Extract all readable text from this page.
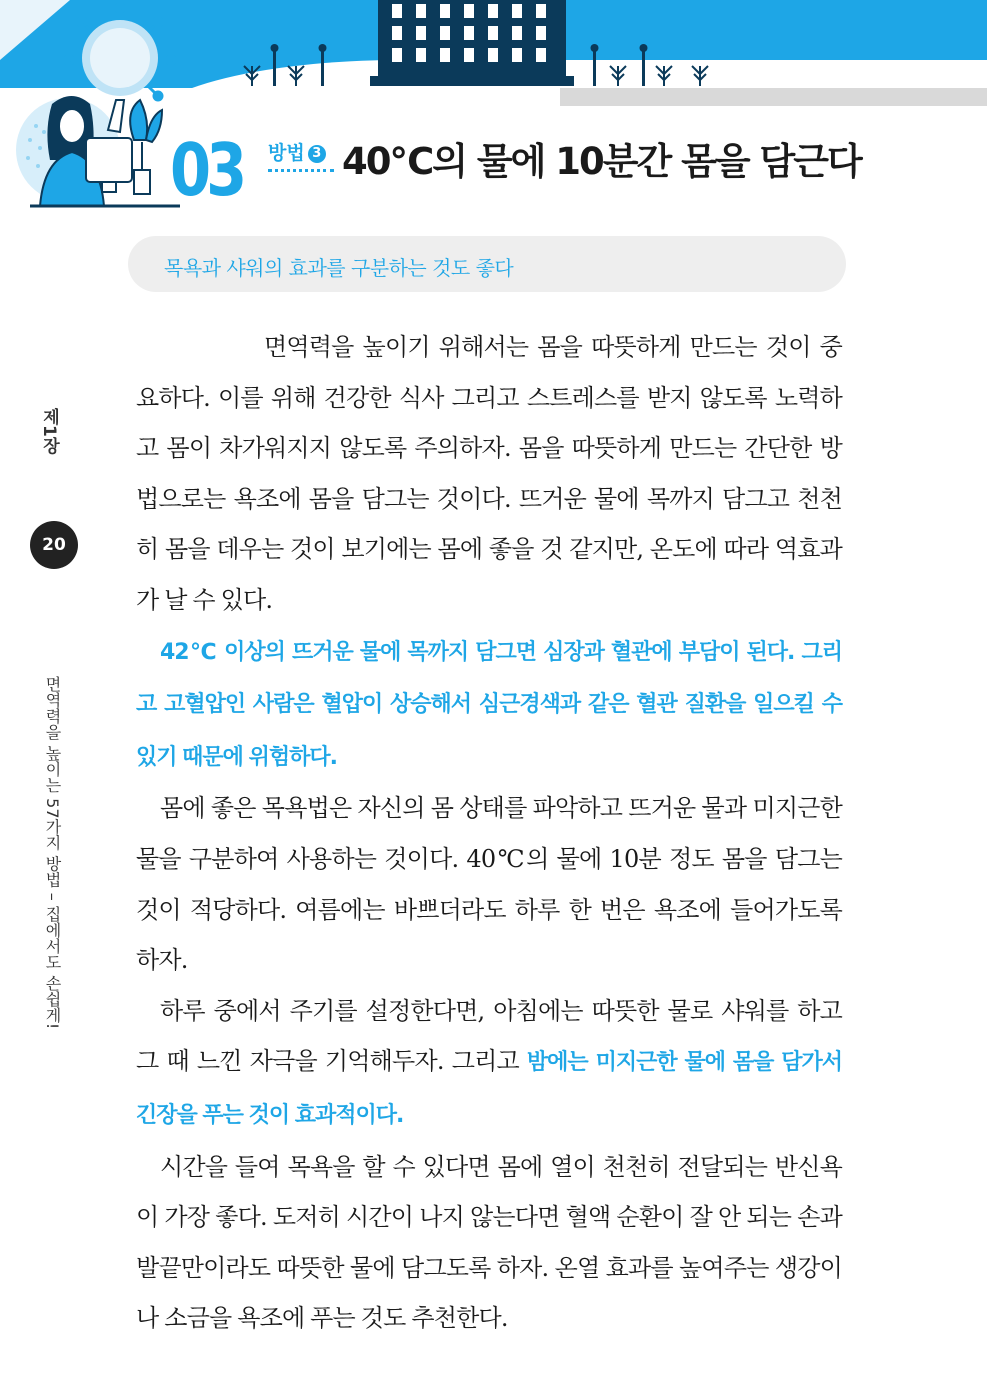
03 방법 3 40℃의 물에 10분간 몸을 담근다
목욕과 샤워의 효과를 구분하는 것도 좋다
제1장
20
면역력을 높이는 57가지 방법 – 집에서도 손쉽게!

면역력을 높이기 위해서는 몸을 따뜻하게 만드는 것이 중요하다. 이를 위해 건강한 식사 그리고 스트레스를 받지 않도록 노력하고 몸이 차가워지지 않도록 주의하자. 몸을 따뜻하게 만드는 간단한 방법으로는 욕조에 몸을 담그는 것이다. 뜨거운 물에 목까지 담그고 천천히 몸을 데우는 것이 보기에는 몸에 좋을 것 같지만, 온도에 따라 역효과가 날 수 있다.

42℃ 이상의 뜨거운 물에 목까지 담그면 심장과 혈관에 부담이 된다. 그리고 고혈압인 사람은 혈압이 상승해서 심근경색과 같은 혈관 질환을 일으킬 수 있기 때문에 위험하다.

몸에 좋은 목욕법은 자신의 몸 상태를 파악하고 뜨거운 물과 미지근한 물을 구분하여 사용하는 것이다. 40℃의 물에 10분 정도 몸을 담그는 것이 적당하다. 여름에는 바쁘더라도 하루 한 번은 욕조에 들어가도록 하자.

하루 중에서 주기를 설정한다면, 아침에는 따뜻한 물로 샤워를 하고 그 때 느낀 자극을 기억해두자. 그리고 밤에는 미지근한 물에 몸을 담가서 긴장을 푸는 것이 효과적이다.

시간을 들여 목욕을 할 수 있다면 몸에 열이 천천히 전달되는 반신욕이 가장 좋다. 도저히 시간이 나지 않는다면 혈액 순환이 잘 안 되는 손과 발끝만이라도 따뜻한 물에 담그도록 하자. 온열 효과를 높여주는 생강이나 소금을 욕조에 푸는 것도 추천한다.
